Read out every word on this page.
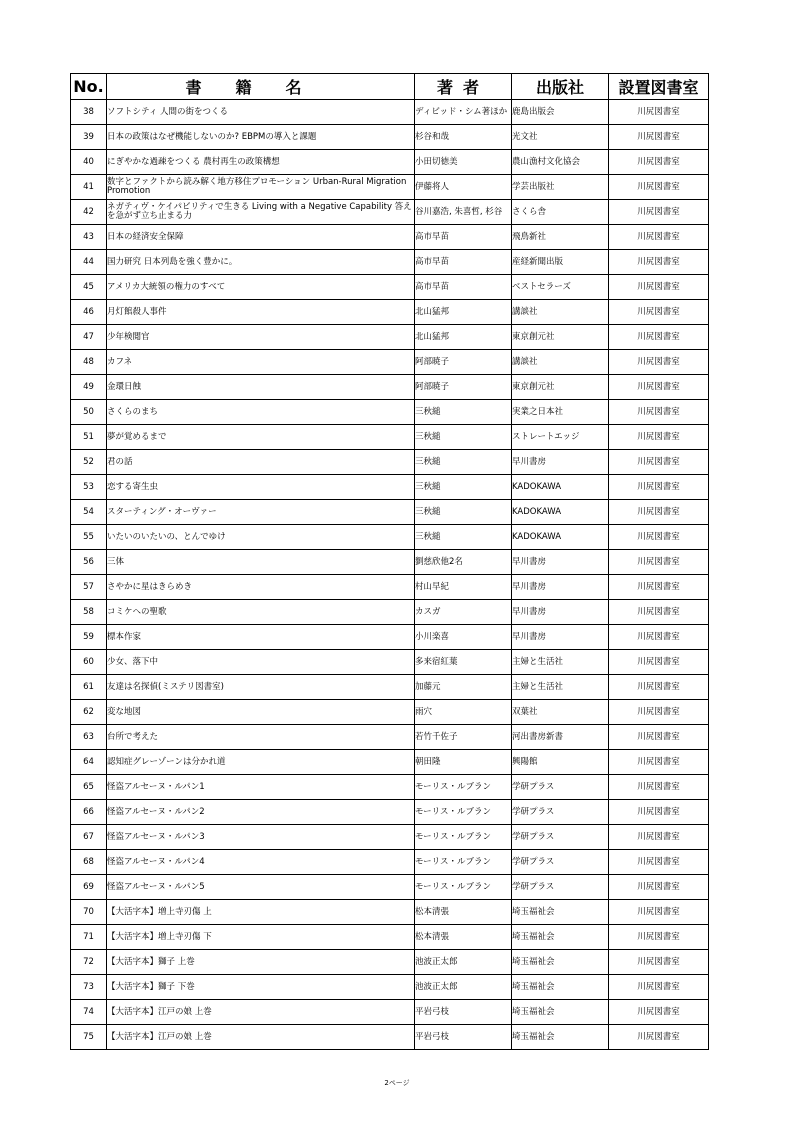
No.	書籍名	著者	出版社	設置図書室
38	ソフトシティ 人間の街をつくる	ディビッド・シム著ほか	鹿島出版会	川尻図書室
39	日本の政策はなぜ機能しないのか? EBPMの導入と課題	杉谷和哉	光文社	川尻図書室
40	にぎやかな過疎をつくる 農村再生の政策構想	小田切徳美	農山漁村文化協会	川尻図書室
41	数字とファクトから読み解く地方移住プロモーション Urban-Rural Migration Promotion	伊藤将人	学芸出版社	川尻図書室
42	ネガティヴ・ケイパビリティで生きる Living with a Negative Capability 答えを急がず立ち止まる力	谷川嘉浩, 朱喜哲, 杉谷	さくら舎	川尻図書室
43	日本の経済安全保障	高市早苗	飛鳥新社	川尻図書室
44	国力研究 日本列島を強く豊かに。	高市早苗	産経新聞出版	川尻図書室
45	アメリカ大統領の権力のすべて	高市早苗	ベストセラーズ	川尻図書室
46	月灯館殺人事件	北山猛邦	講談社	川尻図書室
47	少年検閲官	北山猛邦	東京創元社	川尻図書室
48	カフネ	阿部暁子	講談社	川尻図書室
49	金環日蝕	阿部暁子	東京創元社	川尻図書室
50	さくらのまち	三秋縋	実業之日本社	川尻図書室
51	夢が覚めるまで	三秋縋	ストレートエッジ	川尻図書室
52	君の話	三秋縋	早川書房	川尻図書室
53	恋する寄生虫	三秋縋	KADOKAWA	川尻図書室
54	スターティング・オーヴァー	三秋縋	KADOKAWA	川尻図書室
55	いたいのいたいの、とんでゆけ	三秋縋	KADOKAWA	川尻図書室
56	三体	劉慈欣他2名	早川書房	川尻図書室
57	さやかに星はきらめき	村山早紀	早川書房	川尻図書室
58	コミケへの聖歌	カスガ	早川書房	川尻図書室
59	標本作家	小川楽喜	早川書房	川尻図書室
60	少女、落下中	多来宿紅葉	主婦と生活社	川尻図書室
61	友達は名探偵(ミステリ図書室)	加藤元	主婦と生活社	川尻図書室
62	変な地図	雨穴	双葉社	川尻図書室
63	台所で考えた	若竹千佐子	河出書房新書	川尻図書室
64	認知症グレーゾーンは分かれ道	朝田隆	興陽館	川尻図書室
65	怪盗アルセーヌ・ルパン1	モーリス・ルブラン	学研プラス	川尻図書室
66	怪盗アルセーヌ・ルパン2	モーリス・ルブラン	学研プラス	川尻図書室
67	怪盗アルセーヌ・ルパン3	モーリス・ルブラン	学研プラス	川尻図書室
68	怪盗アルセーヌ・ルパン4	モーリス・ルブラン	学研プラス	川尻図書室
69	怪盗アルセーヌ・ルパン5	モーリス・ルブラン	学研プラス	川尻図書室
70	【大活字本】増上寺刃傷 上	松本清張	埼玉福祉会	川尻図書室
71	【大活字本】増上寺刃傷 下	松本清張	埼玉福祉会	川尻図書室
72	【大活字本】獅子 上巻	池波正太郎	埼玉福祉会	川尻図書室
73	【大活字本】獅子 下巻	池波正太郎	埼玉福祉会	川尻図書室
74	【大活字本】江戸の娘 上巻	平岩弓枝	埼玉福祉会	川尻図書室
75	【大活字本】江戸の娘 上巻	平岩弓枝	埼玉福祉会	川尻図書室
2ページ
